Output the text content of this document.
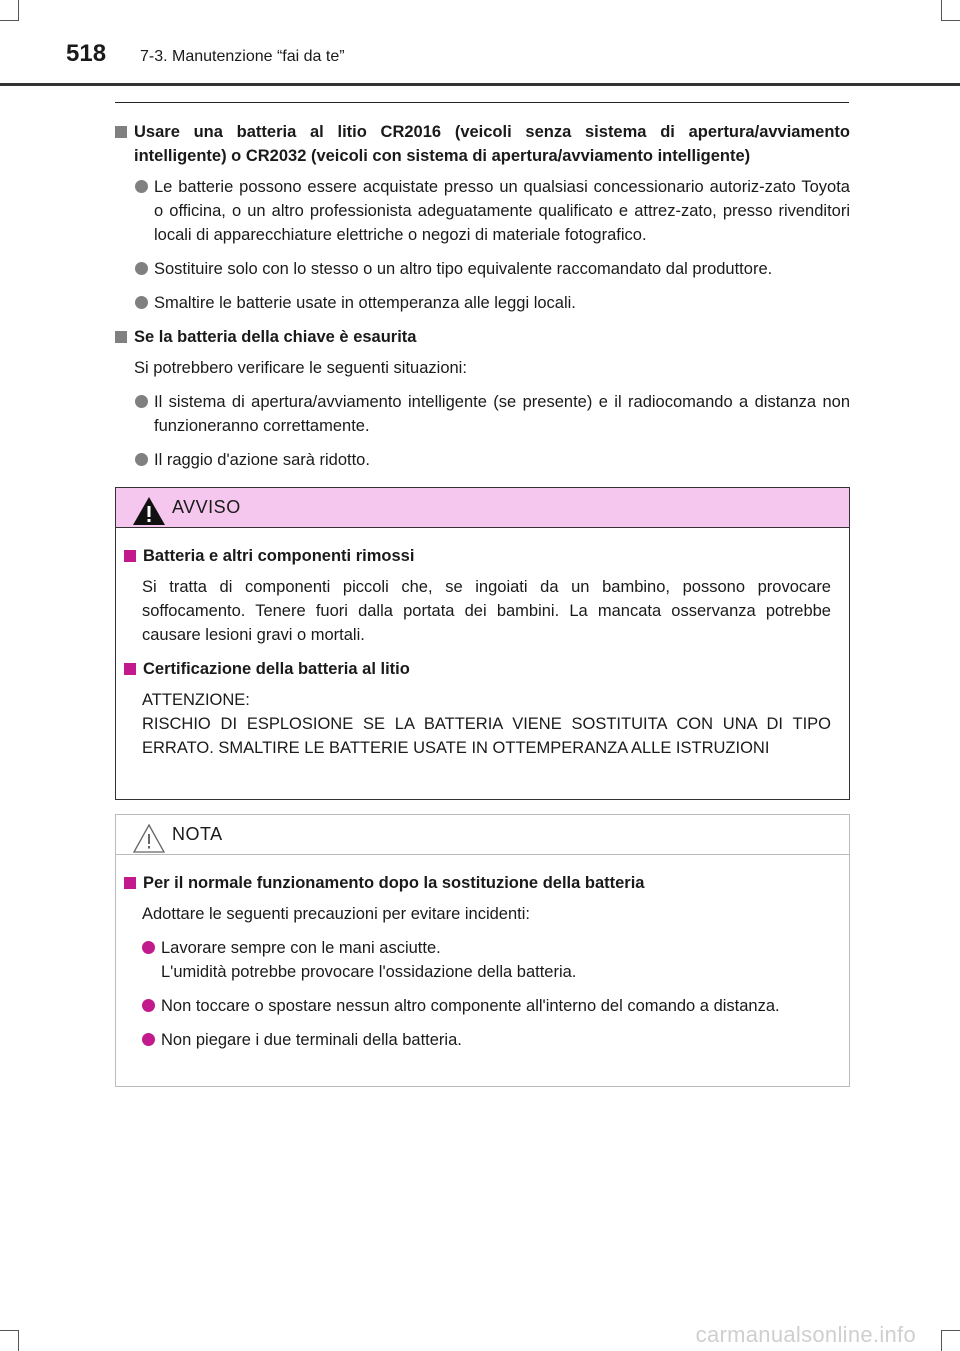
518 7-3. Manutenzione “fai da te”
Usare una batteria al litio CR2016 (veicoli senza sistema di apertura/avviamento intelligente) o CR2032 (veicoli con sistema di apertura/avviamento intelligente)
Le batterie possono essere acquistate presso un qualsiasi concessionario autoriz-zato Toyota o officina, o un altro professionista adeguatamente qualificato e attrez-zato, presso rivenditori locali di apparecchiature elettriche o negozi di materiale fotografico.
Sostituire solo con lo stesso o un altro tipo equivalente raccomandato dal produttore.
Smaltire le batterie usate in ottemperanza alle leggi locali.
Se la batteria della chiave è esaurita
Si potrebbero verificare le seguenti situazioni:
Il sistema di apertura/avviamento intelligente (se presente) e il radiocomando a distanza non funzioneranno correttamente.
Il raggio d'azione sarà ridotto.
AVVISO
Batteria e altri componenti rimossi
Si tratta di componenti piccoli che, se ingoiati da un bambino, possono provocare soffocamento. Tenere fuori dalla portata dei bambini. La mancata osservanza potrebbe causare lesioni gravi o mortali.
Certificazione della batteria al litio
ATTENZIONE:
RISCHIO DI ESPLOSIONE SE LA BATTERIA VIENE SOSTITUITA CON UNA DI TIPO ERRATO. SMALTIRE LE BATTERIE USATE IN OTTEMPERANZA ALLE ISTRUZIONI
NOTA
Per il normale funzionamento dopo la sostituzione della batteria
Adottare le seguenti precauzioni per evitare incidenti:
Lavorare sempre con le mani asciutte.
L'umidità potrebbe provocare l'ossidazione della batteria.
Non toccare o spostare nessun altro componente all'interno del comando a distanza.
Non piegare i due terminali della batteria.
carmanualsonline.info
